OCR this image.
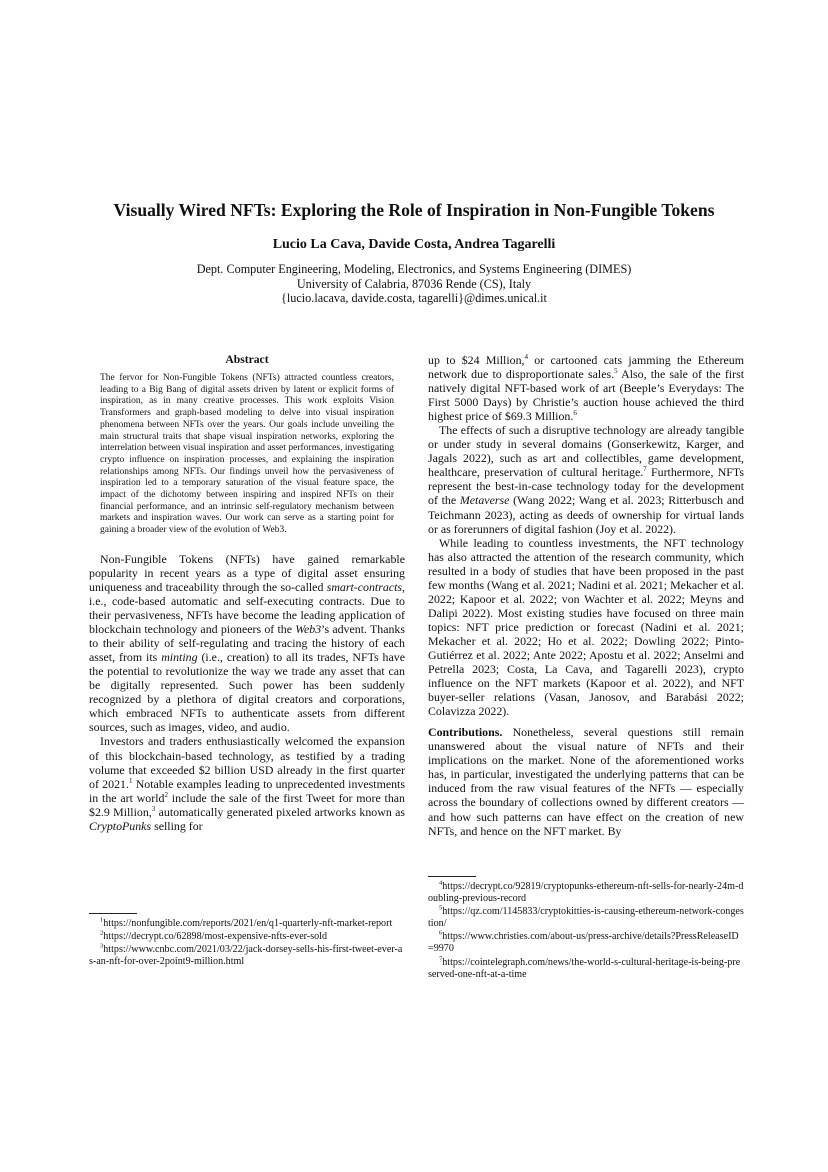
Visually Wired NFTs: Exploring the Role of Inspiration in Non-Fungible Tokens
Lucio La Cava, Davide Costa, Andrea Tagarelli
Dept. Computer Engineering, Modeling, Electronics, and Systems Engineering (DIMES)
University of Calabria, 87036 Rende (CS), Italy
{lucio.lacava, davide.costa, tagarelli}@dimes.unical.it
Abstract
The fervor for Non-Fungible Tokens (NFTs) attracted countless creators, leading to a Big Bang of digital assets driven by latent or explicit forms of inspiration, as in many creative processes. This work exploits Vision Transformers and graph-based modeling to delve into visual inspiration phenomena between NFTs over the years. Our goals include unveiling the main structural traits that shape visual inspiration networks, exploring the interrelation between visual inspiration and asset performances, investigating crypto influence on inspiration processes, and explaining the inspiration relationships among NFTs. Our findings unveil how the pervasiveness of inspiration led to a temporary saturation of the visual feature space, the impact of the dichotomy between inspiring and inspired NFTs on their financial performance, and an intrinsic self-regulatory mechanism between markets and inspiration waves. Our work can serve as a starting point for gaining a broader view of the evolution of Web3.

Non-Fungible Tokens (NFTs) have gained remarkable popularity in recent years as a type of digital asset ensuring uniqueness and traceability through the so-called smart-contracts, i.e., code-based automatic and self-executing contracts. Due to their pervasiveness, NFTs have become the leading application of blockchain technology and pioneers of the Web3’s advent. Thanks to their ability of self-regulating and tracing the history of each asset, from its minting (i.e., creation) to all its trades, NFTs have the potential to revolutionize the way we trade any asset that can be digitally represented. Such power has been suddenly recognized by a plethora of digital creators and corporations, which embraced NFTs to authenticate assets from different sources, such as images, video, and audio.

Investors and traders enthusiastically welcomed the expansion of this blockchain-based technology, as testified by a trading volume that exceeded $2 billion USD already in the first quarter of 2021.$^1$ Notable examples leading to unprecedented investments in the art world$^2$ include the sale of the first Tweet for more than $2.9 Million,$^3$ automatically generated pixeled artworks known as CryptoPunks selling for

up to $24 Million,$^4$ or cartooned cats jamming the Ethereum network due to disproportionate sales.$^5$ Also, the sale of the first natively digital NFT-based work of art (Beeple’s Everydays: The First 5000 Days) by Christie’s auction house achieved the third highest price of $69.3 Million.$^6$

The effects of such a disruptive technology are already tangible or under study in several domains (Gonserkewitz, Karger, and Jagals 2022), such as art and collectibles, game development, healthcare, preservation of cultural heritage.$^7$ Furthermore, NFTs represent the best-in-case technology today for the development of the Metaverse (Wang 2022; Wang et al. 2023; Ritterbusch and Teichmann 2023), acting as deeds of ownership for virtual lands or as forerunners of digital fashion (Joy et al. 2022).

While leading to countless investments, the NFT technology has also attracted the attention of the research community, which resulted in a body of studies that have been proposed in the past few months (Wang et al. 2021; Nadini et al. 2021; Mekacher et al. 2022; Kapoor et al. 2022; von Wachter et al. 2022; Meyns and Dalipi 2022). Most existing studies have focused on three main topics: NFT price prediction or forecast (Nadini et al. 2021; Mekacher et al. 2022; Ho et al. 2022; Dowling 2022; Pinto-Gutiérrez et al. 2022; Ante 2022; Apostu et al. 2022; Anselmi and Petrella 2023; Costa, La Cava, and Tagarelli 2023), crypto influence on the NFT markets (Kapoor et al. 2022), and NFT buyer-seller relations (Vasan, Janosov, and Barabási 2022; Colavizza 2022).

Contributions. Nonetheless, several questions still remain unanswered about the visual nature of NFTs and their implications on the market. None of the aforementioned works has, in particular, investigated the underlying patterns that can be induced from the raw visual features of the NFTs — especially across the boundary of collections owned by different creators — and how such patterns can have effect on the creation of new NFTs, and hence on the NFT market. By

$^1$https://nonfungible.com/reports/2021/en/q1-quarterly-nft-market-report

$^2$https://decrypt.co/62898/most-expensive-nfts-ever-sold

$^3$https://www.cnbc.com/2021/03/22/jack-dorsey-sells-his-first-tweet-ever-as-an-nft-for-over-2point9-million.html

$^4$https://decrypt.co/92819/cryptopunks-ethereum-nft-sells-for-nearly-24m-doubling-previous-record

$^5$https://qz.com/1145833/cryptokitties-is-causing-ethereum-network-congestion/

$^6$https://www.christies.com/about-us/press-archive/details?PressReleaseID=9970

$^7$https://cointelegraph.com/news/the-world-s-cultural-heritage-is-being-preserved-one-nft-at-a-time
